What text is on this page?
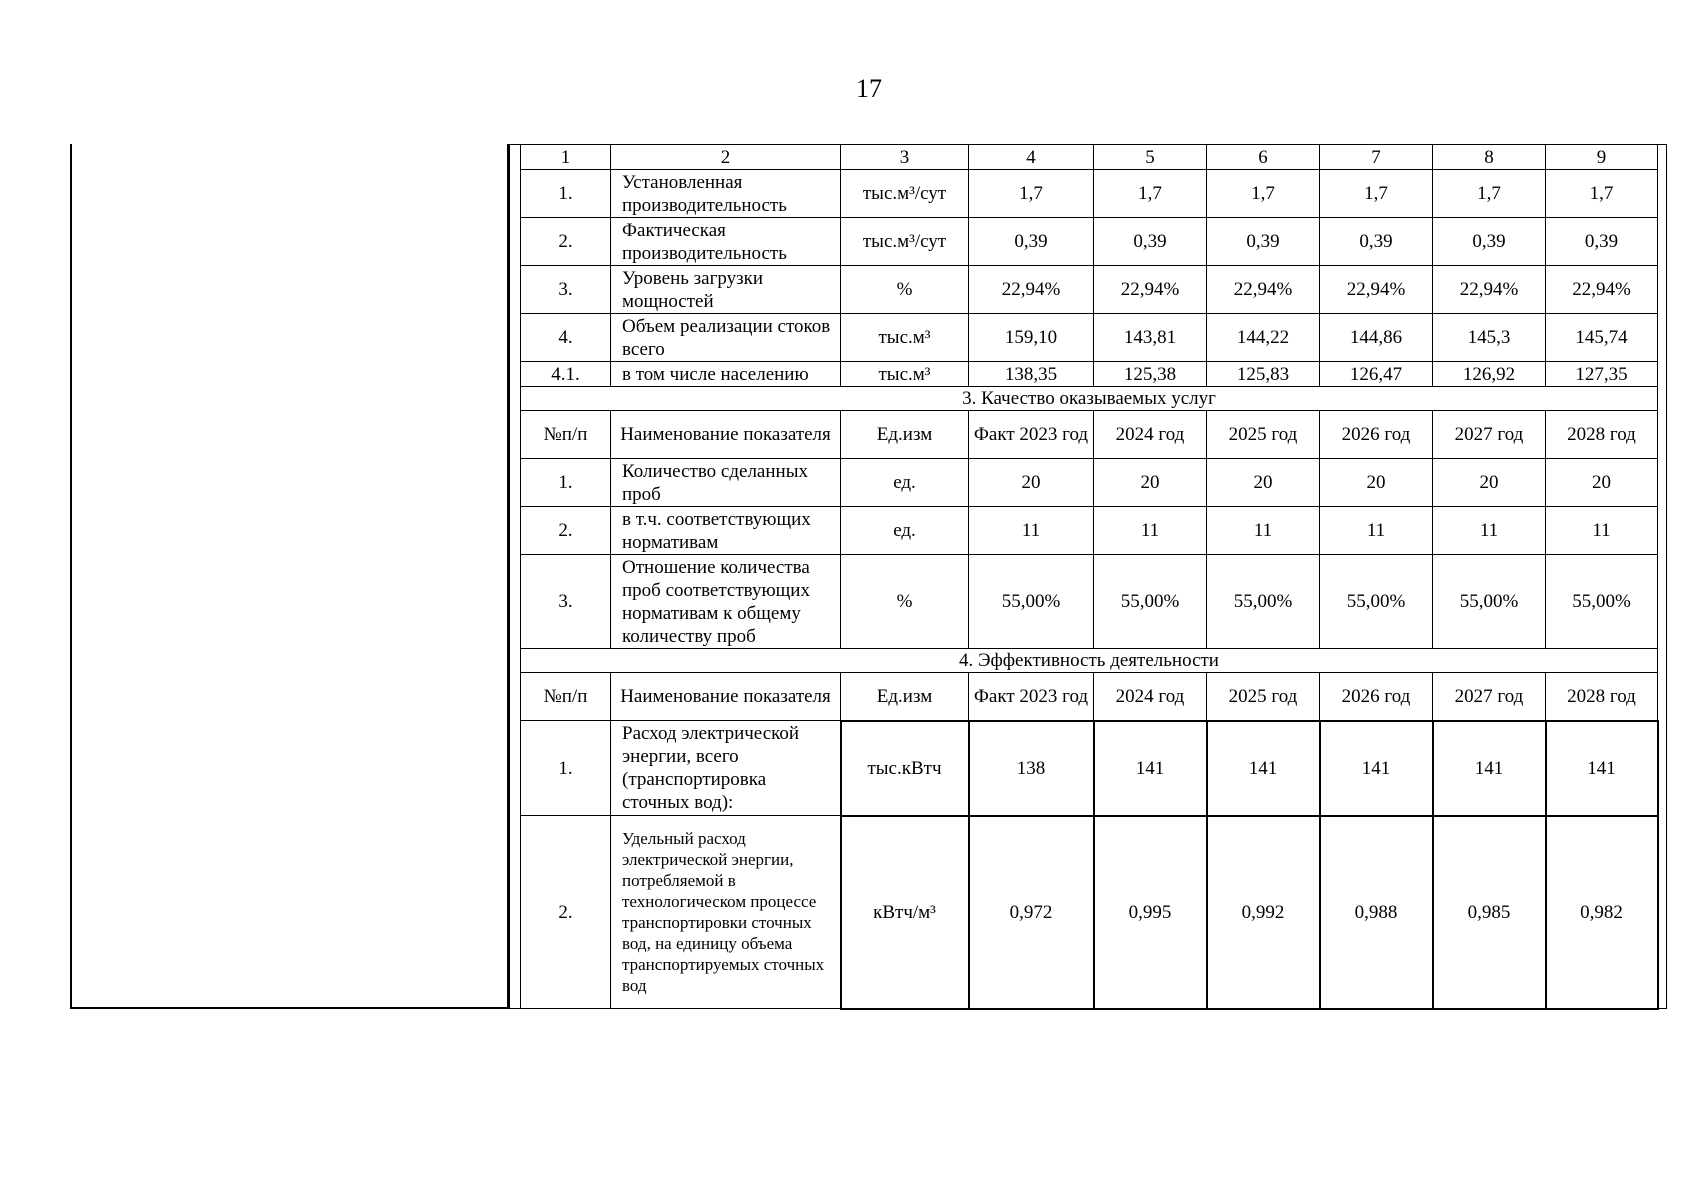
17
1	2	3	4	5	6	7	8	9
1.	Установленная производительность	тыс.м³/сут	1,7	1,7	1,7	1,7	1,7	1,7
2.	Фактическая производительность	тыс.м³/сут	0,39	0,39	0,39	0,39	0,39	0,39
3.	Уровень загрузки мощностей	%	22,94%	22,94%	22,94%	22,94%	22,94%	22,94%
4.	Объем реализации стоков всего	тыс.м³	159,10	143,81	144,22	144,86	145,3	145,74
4.1.	в том числе населению	тыс.м³	138,35	125,38	125,83	126,47	126,92	127,35
3. Качество оказываемых услуг								
№п/п	Наименование показателя	Ед.изм	Факт 2023 год	2024 год	2025 год	2026 год	2027 год	2028 год
1.	Количество сделанных проб	ед.	20	20	20	20	20	20
2.	в т.ч. соответствующих нормативам	ед.	11	11	11	11	11	11
3.	Отношение количества проб соответствующих нормативам к общему количеству проб	%	55,00%	55,00%	55,00%	55,00%	55,00%	55,00%
4. Эффективность деятельности								
№п/п	Наименование показателя	Ед.изм	Факт 2023 год	2024 год	2025 год	2026 год	2027 год	2028 год
1.	Расход электрической энергии, всего (транспортировка сточных вод):	тыс.кВтч	138	141	141	141	141	141
2.	Удельный расход электрической энергии, потребляемой в технологическом процессе транспортировки сточных вод, на единицу объема транспортируемых сточных вод	кВтч/м³	0,972	0,995	0,992	0,988	0,985	0,982
